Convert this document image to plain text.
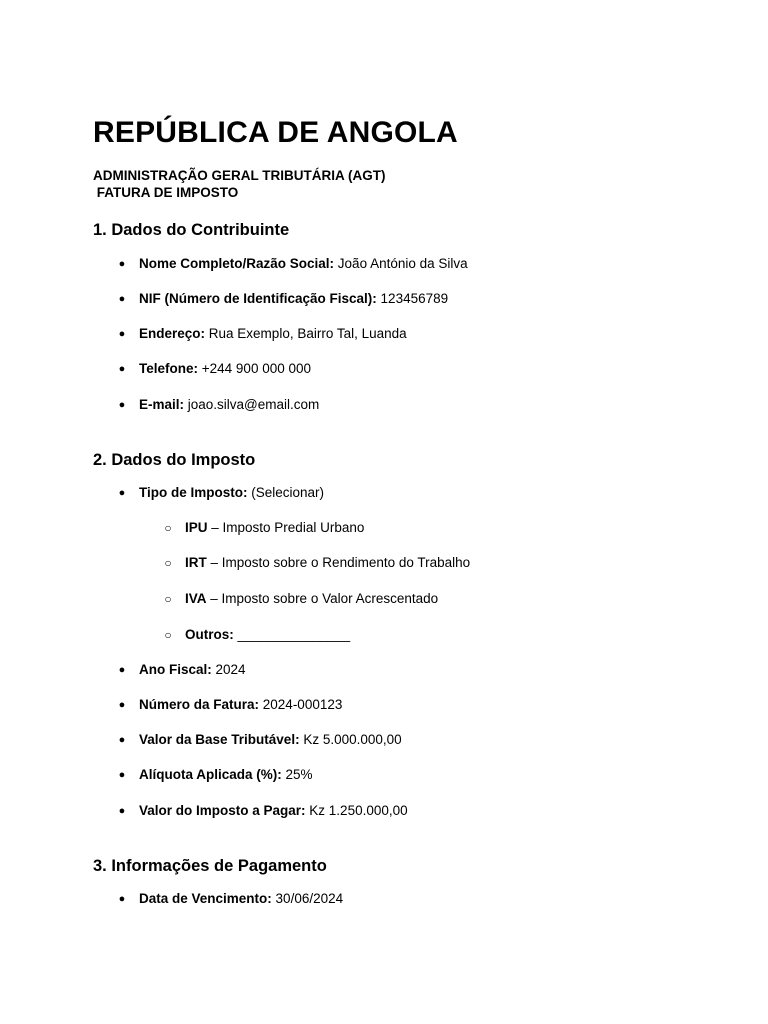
REPÚBLICA DE ANGOLA
ADMINISTRAÇÃO GERAL TRIBUTÁRIA (AGT)
FATURA DE IMPOSTO
1. Dados do Contribuinte
● Nome Completo/Razão Social: João António da Silva
● NIF (Número de Identificação Fiscal): 123456789
● Endereço: Rua Exemplo, Bairro Tal, Luanda
● Telefone: +244 900 000 000
● E-mail: joao.silva@email.com
2. Dados do Imposto
● Tipo de Imposto: (Selecionar)
○ IPU – Imposto Predial Urbano
○ IRT – Imposto sobre o Rendimento do Trabalho
○ IVA – Imposto sobre o Valor Acrescentado
○ Outros: _______________
● Ano Fiscal: 2024
● Número da Fatura: 2024-000123
● Valor da Base Tributável: Kz 5.000.000,00
● Alíquota Aplicada (%): 25%
● Valor do Imposto a Pagar: Kz 1.250.000,00
3. Informações de Pagamento
● Data de Vencimento: 30/06/2024
